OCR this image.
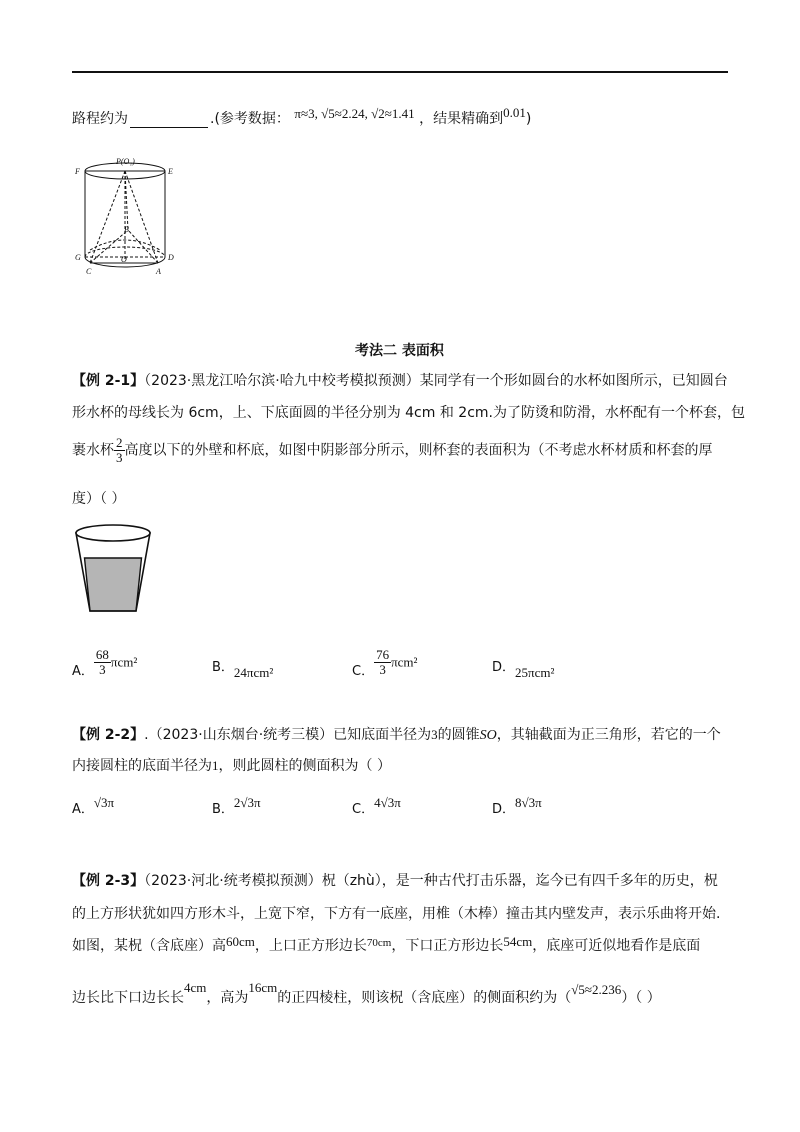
路程约为	.(参考数据： π≈3, √5≈2.24, √2≈1.41 ，结果精确到0.01)
P(O₁)
E
F
B
G	D
O
C	A
考法二 表面积
【例 2-1】（2023·黑龙江哈尔滨·哈九中校考模拟预测）某同学有一个形如圆台的水杯如图所示，已知圆台
形水杯的母线长为 6cm，上、下底面圆的半径分别为 4cm 和 2cm.为了防烫和防滑，水杯配有一个杯套，包
裹水杯 $\frac{2}{3}$ 高度以下的外壁和杯底，如图中阴影部分所示，则杯套的表面积为（不考虑水杯材质和杯套的厚
度）（ ）
A． $\frac{68}{3} \pi cm^2$	B．24πcm²	C． $\frac{76}{3} \pi cm^2$	D．25πcm²
【例 2-2】.（2023·山东烟台·统考三模）已知底面半径为3的圆锥SO，其轴截面为正三角形，若它的一个
内接圆柱的底面半径为1，则此圆柱的侧面积为（ ）
A．√3π	B．2√3π	C．4√3π	D．8√3π
【例 2-3】（2023·河北·统考模拟预测）柷（zhù），是一种古代打击乐器，迄今已有四千多年的历史，柷
的上方形状犹如四方形木斗，上宽下窄，下方有一底座，用椎（木棒）撞击其内壁发声，表示乐曲将开始.
如图，某柷（含底座）高60cm，上口正方形边长$^{70cm}$，下口正方形边长54cm，底座可近似地看作是底面
边长比下口边长长4cm，高为16cm的正四棱柱，则该柷（含底座）的侧面积约为（√5≈2.236）（ ）
